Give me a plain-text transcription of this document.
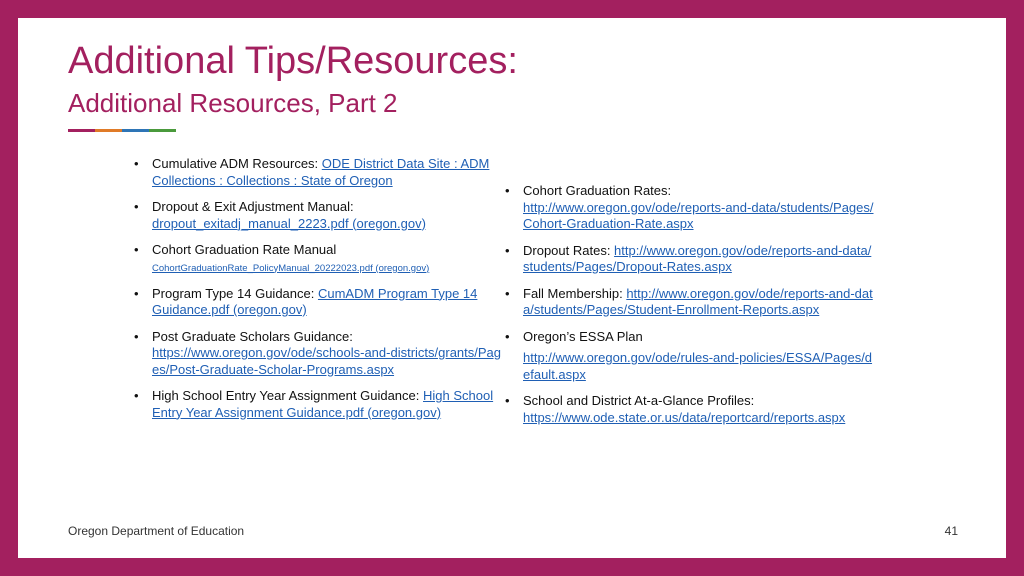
Additional Tips/Resources:
Additional Resources, Part 2
• Cumulative ADM Resources: ODE District Data Site : ADM Collections : Collections : State of Oregon
• Dropout & Exit Adjustment Manual:
dropout_exitadj_manual_2223.pdf (oregon.gov)
• Cohort Graduation Rate Manual
CohortGraduationRate_PolicyManual_20222023.pdf (oregon.gov)
• Program Type 14 Guidance: CumADM Program Type 14 Guidance.pdf (oregon.gov)
• Post Graduate Scholars Guidance:
https://www.oregon.gov/ode/schools-and-districts/grants/Pages/Post-Graduate-Scholar-Programs.aspx
• High School Entry Year Assignment Guidance: High School Entry Year Assignment Guidance.pdf (oregon.gov)
• Cohort Graduation Rates:
http://www.oregon.gov/ode/reports-and-data/students/Pages/Cohort-Graduation-Rate.aspx
• Dropout Rates: http://www.oregon.gov/ode/reports-and-data/students/Pages/Dropout-Rates.aspx
• Fall Membership: http://www.oregon.gov/ode/reports-and-data/students/Pages/Student-Enrollment-Reports.aspx
• Oregon’s ESSA Plan
http://www.oregon.gov/ode/rules-and-policies/ESSA/Pages/default.aspx
• School and District At-a-Glance Profiles:
https://www.ode.state.or.us/data/reportcard/reports.aspx
Oregon Department of Education	41
